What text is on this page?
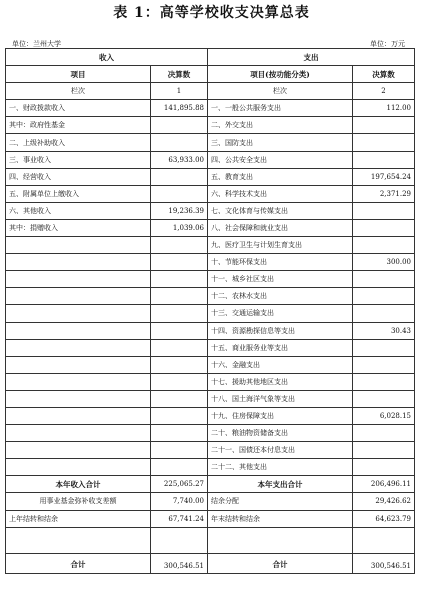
表 1：高等学校收支决算总表
单位：兰州大学	单位：万元
收入		支出	
项目	决算数	项目(按功能分类)	决算数
栏次	1	栏次	2
一、财政拨款收入	141,895.88	一、一般公共服务支出	112.00
其中：政府性基金		二、外交支出	
二、上级补助收入		三、国防支出	
三、事业收入	63,933.00	四、公共安全支出	
四、经营收入		五、教育支出	197,654.24
五、附属单位上缴收入		六、科学技术支出	2,371.29
六、其他收入	19,236.39	七、文化体育与传媒支出	
其中：捐赠收入	1,039.06	八、社会保障和就业支出	
		九、医疗卫生与计划生育支出	
		十、节能环保支出	300.00
		十一、城乡社区支出	
		十二、农林水支出	
		十三、交通运输支出	
		十四、资源勘探信息等支出	30.43
		十五、商业服务业等支出	
		十六、金融支出	
		十七、援助其他地区支出	
		十八、国土海洋气象等支出	
		十九、住房保障支出	6,028.15
		二十、粮油物资储备支出	
		二十一、国债还本付息支出	
		二十二、其他支出	
本年收入合计	225,065.27	本年支出合计	206,496.11
用事业基金弥补收支差额	7,740.00	结余分配	29,426.62
上年结转和结余	67,741.24	年末结转和结余	64,623.79

合计	300,546.51	合计	300,546.51
